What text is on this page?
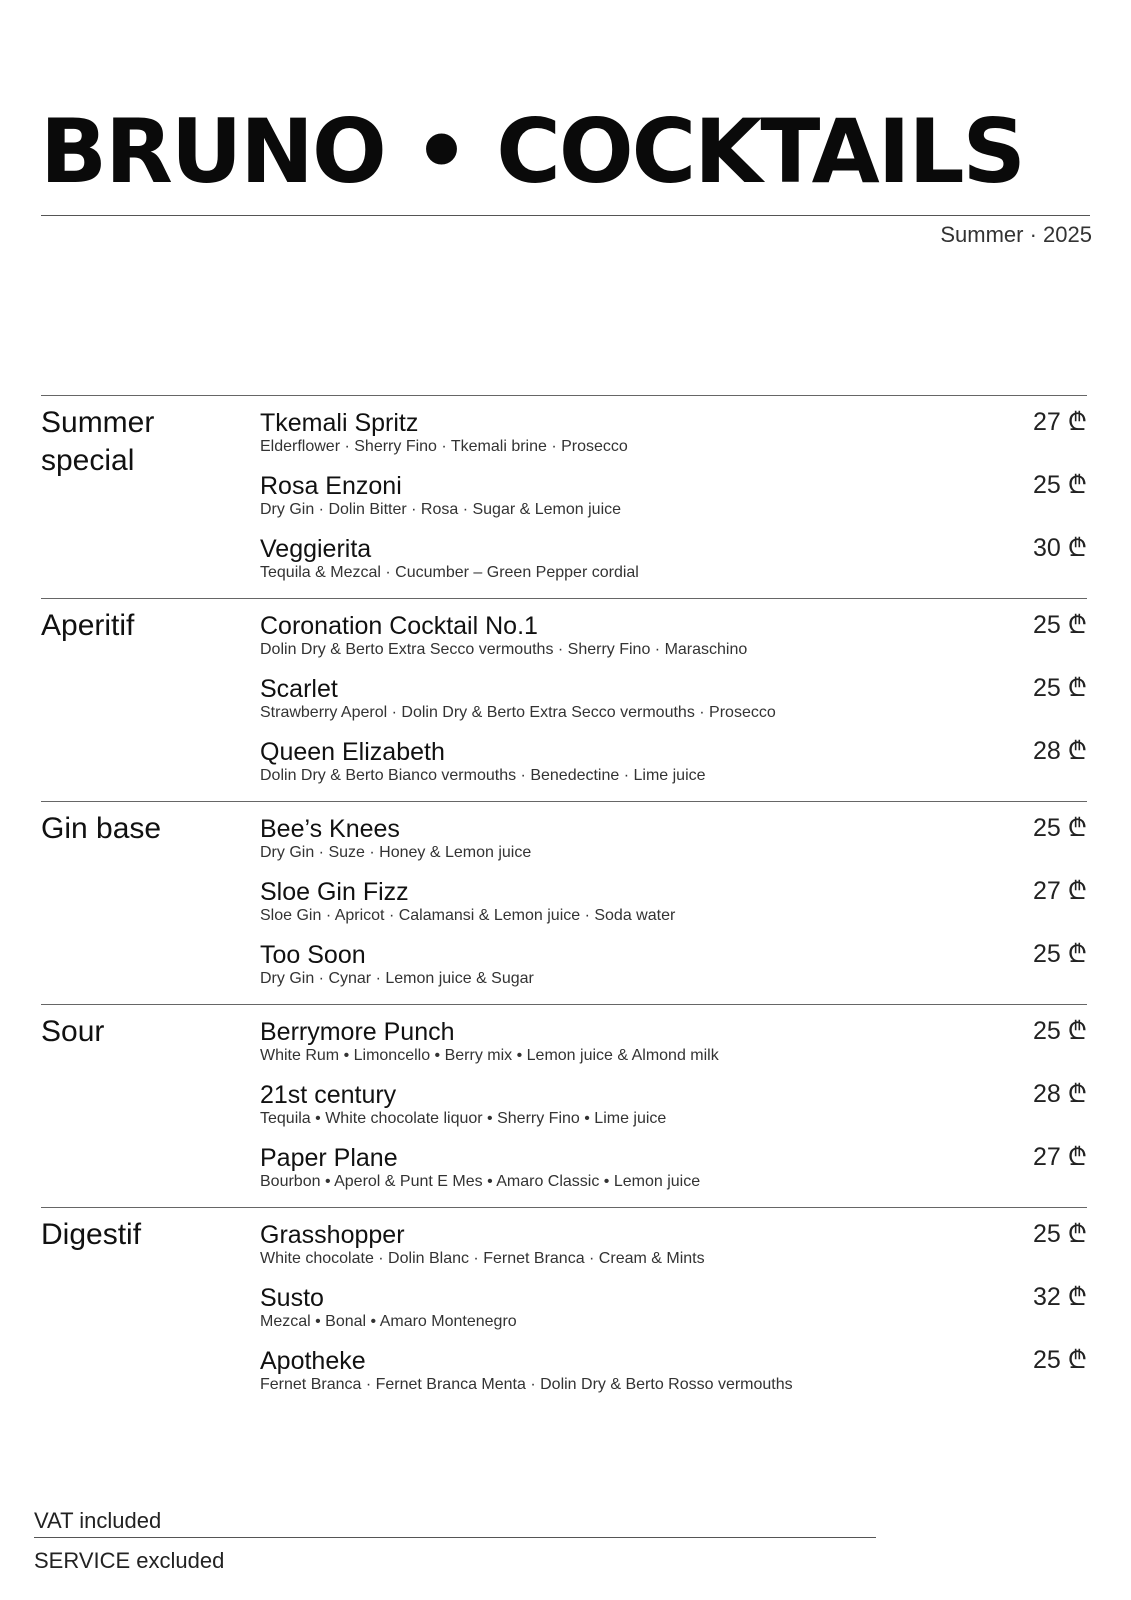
BRUNO • COCKTAILS
Summer · 2025
Summer special
Tkemali Spritz
Elderflower · Sherry Fino · Tkemali brine · Prosecco
27 ₾
Rosa Enzoni
Dry Gin · Dolin Bitter · Rosa · Sugar & Lemon juice
25 ₾
Veggierita
Tequila & Mezcal · Cucumber – Green Pepper cordial
30 ₾
Aperitif	Coronation Cocktail No.1
Dolin Dry & Berto Extra Secco vermouths · Sherry Fino · Maraschino
25 ₾
Scarlet
Strawberry Aperol · Dolin Dry & Berto Extra Secco vermouths · Prosecco
25 ₾
Queen Elizabeth
Dolin Dry & Berto Bianco vermouths · Benedectine · Lime juice
28 ₾
Gin base	Bee’s Knees
Dry Gin · Suze · Honey & Lemon juice
25 ₾
Sloe Gin Fizz
Sloe Gin · Apricot · Calamansi & Lemon juice · Soda water
27 ₾
Too Soon
Dry Gin · Cynar · Lemon juice & Sugar
25 ₾
Sour	Berrymore Punch
White Rum • Limoncello • Berry mix • Lemon juice & Almond milk
25 ₾
21st century
Tequila • White chocolate liquor • Sherry Fino • Lime juice
28 ₾
Paper Plane
Bourbon • Aperol & Punt E Mes • Amaro Classic • Lemon juice
27 ₾
Digestif	Grasshopper
White chocolate · Dolin Blanc · Fernet Branca · Cream & Mints
25 ₾
Susto
Mezcal • Bonal • Amaro Montenegro
32 ₾
Apotheke
Fernet Branca · Fernet Branca Menta · Dolin Dry & Berto Rosso vermouths
25 ₾
VAT included
SERVICE excluded
